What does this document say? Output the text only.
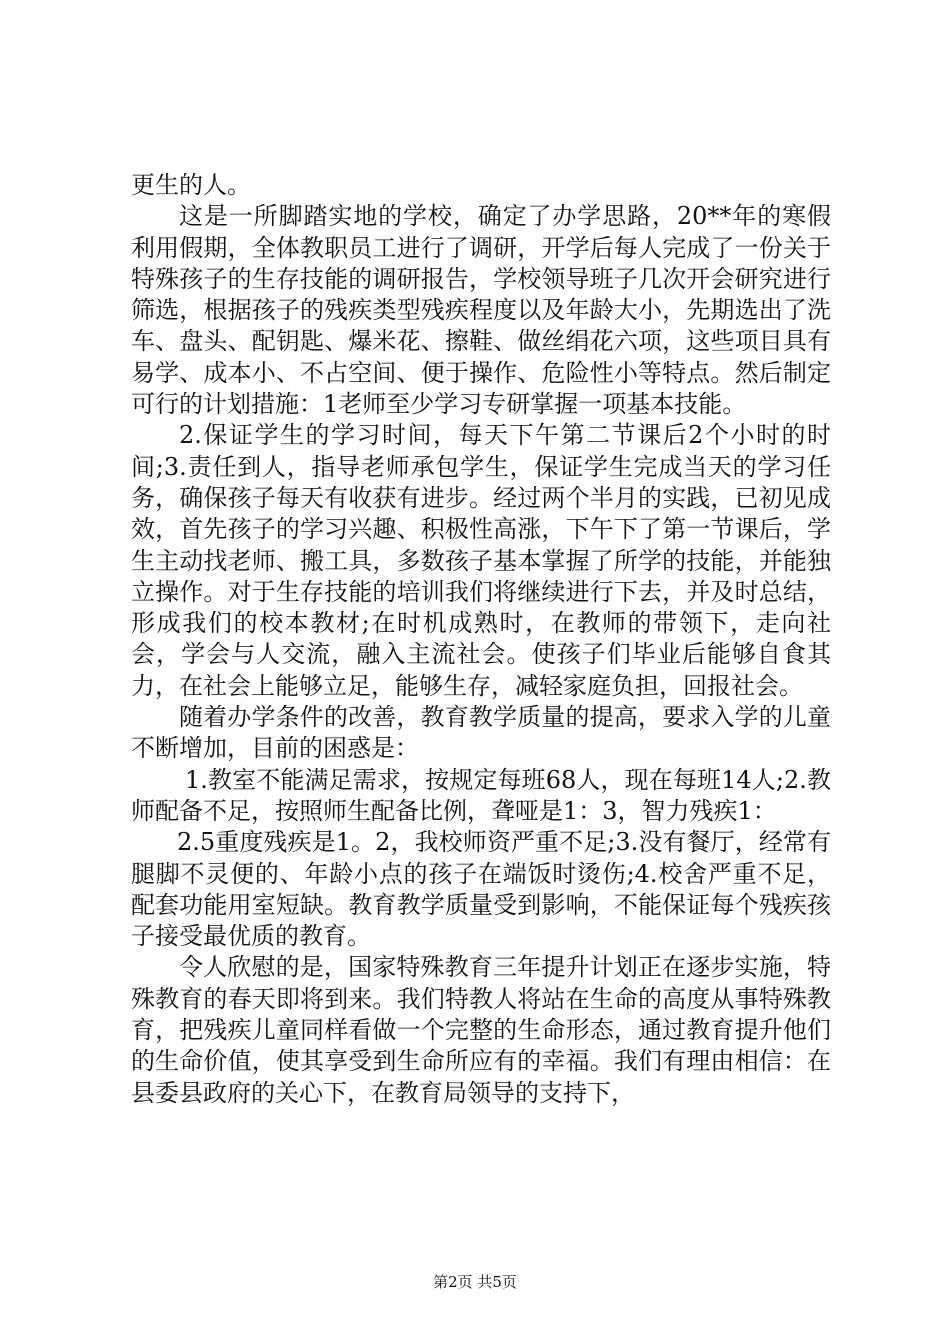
更生的人。

这是一所脚踏实地的学校，确定了办学思路，20**年的寒假利用假期，全体教职员工进行了调研，开学后每人完成了一份关于特殊孩子的生存技能的调研报告，学校领导班子几次开会研究进行筛选，根据孩子的残疾类型残疾程度以及年龄大小，先期选出了洗车、盘头、配钥匙、爆米花、擦鞋、做丝绢花六项，这些项目具有易学、成本小、不占空间、便于操作、危险性小等特点。然后制定可行的计划措施：1老师至少学习专研掌握一项基本技能。

2.保证学生的学习时间，每天下午第二节课后2个小时的时间;3.责任到人，指导老师承包学生，保证学生完成当天的学习任务，确保孩子每天有收获有进步。经过两个半月的实践，已初见成效，首先孩子的学习兴趣、积极性高涨，下午下了第一节课后，学生主动找老师、搬工具，多数孩子基本掌握了所学的技能，并能独立操作。对于生存技能的培训我们将继续进行下去，并及时总结，形成我们的校本教材;在时机成熟时，在教师的带领下，走向社会，学会与人交流，融入主流社会。使孩子们毕业后能够自食其力，在社会上能够立足，能够生存，减轻家庭负担，回报社会。

随着办学条件的改善，教育教学质量的提高，要求入学的儿童不断增加，目前的困惑是：

1.教室不能满足需求，按规定每班68人，现在每班14人;2.教师配备不足，按照师生配备比例，聋哑是1：3，智力残疾1：

2.5重度残疾是1。2，我校师资严重不足;3.没有餐厅，经常有腿脚不灵便的、年龄小点的孩子在端饭时烫伤;4.校舍严重不足，配套功能用室短缺。教育教学质量受到影响，不能保证每个残疾孩子接受最优质的教育。

令人欣慰的是，国家特殊教育三年提升计划正在逐步实施，特殊教育的春天即将到来。我们特教人将站在生命的高度从事特殊教育，把残疾儿童同样看做一个完整的生命形态，通过教育提升他们的生命价值，使其享受到生命所应有的幸福。我们有理由相信：在县委县政府的关心下，在教育局领导的支持下，

第2页 共5页
